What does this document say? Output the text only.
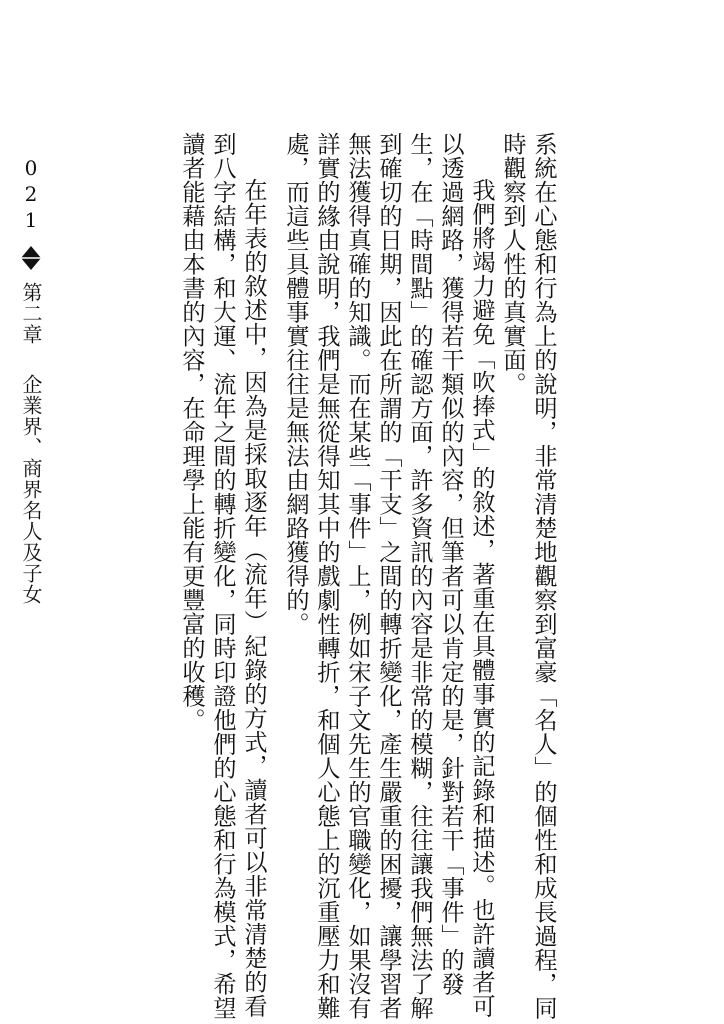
系統在心態和行為上的說明，非常清楚地觀察到富豪「名人」的個性和成長過程，同
時觀察到人性的真實面。
我們將竭力避免「吹捧式」的敘述，著重在具體事實的記錄和描述。也許讀者可
以透過網路，獲得若干類似的內容，但筆者可以肯定的是，針對若干「事件」的發
生，在「時間點」的確認方面，許多資訊的內容是非常的模糊，往往讓我們無法了解
到確切的日期，因此在所謂的「干支」之間的轉折變化，產生嚴重的困擾，讓學習者
無法獲得真確的知識。而在某些「事件」上，例如宋子文先生的官職變化，如果沒有
詳實的緣由說明，我們是無從得知其中的戲劇性轉折，和個人心態上的沉重壓力和難
處，而這些具體事實往往是無法由網路獲得的。
在年表的敘述中，因為是採取逐年（流年）紀錄的方式，讀者可以非常清楚的看
到八字結構，和大運、流年之間的轉折變化，同時印證他們的心態和行為模式，希望
讀者能藉由本書的內容，在命理學上能有更豐富的收穫。
021
第二章 企業界、商界名人及子女
